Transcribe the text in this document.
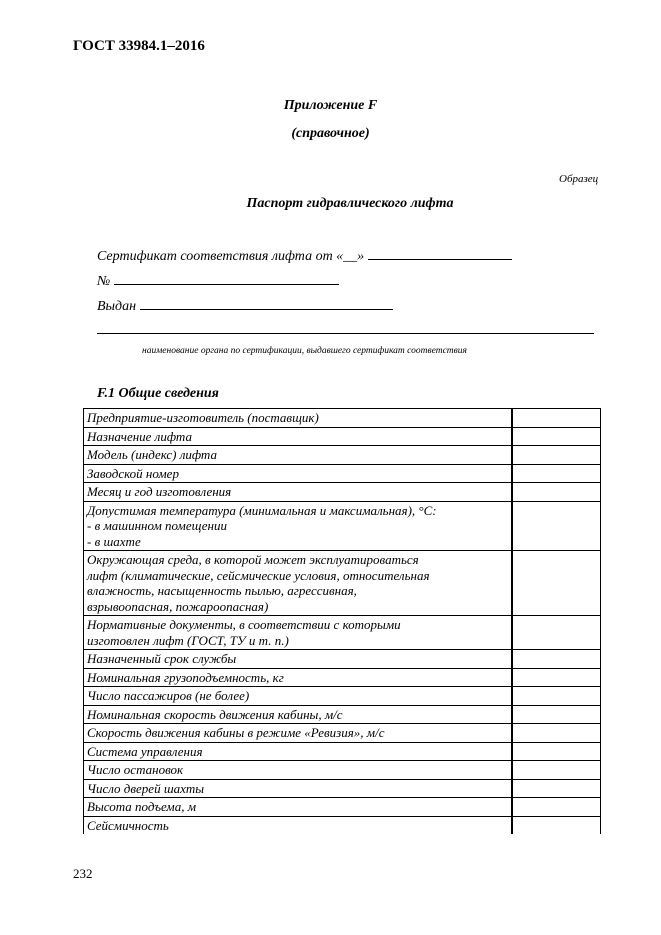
ГОСТ 33984.1–2016
Приложение F
(справочное)
Образец
Паспорт гидравлического лифта
Сертификат соответствия лифта от «__»
№
Выдан
наименование органа по сертификации, выдавшего сертификат соответствия
F.1 Общие сведения
Предприятие-изготовитель (поставщик)	

Назначение лифта	

Модель (индекс) лифта	

Заводской номер	

Месяц и год изготовления	

Допустимая температура (минимальная и максимальная), °С:
- в машинном помещении
- в шахте	

Окружающая среда, в которой может эксплуатироваться
лифт (климатические, сейсмические условия, относительная
влажность, насыщенность пылью, агрессивная,
взрывоопасная, пожароопасная)	

Нормативные документы, в соответствии с которыми
изготовлен лифт (ГОСТ, ТУ и т. п.)	

Назначенный срок службы	

Номинальная грузоподъемность, кг	

Число пассажиров (не более)	

Номинальная скорость движения кабины, м/с	

Скорость движения кабины в режиме «Ревизия», м/с	

Система управления	

Число остановок	

Число дверей шахты	

Высота подъема, м	

Сейсмичность	

232
